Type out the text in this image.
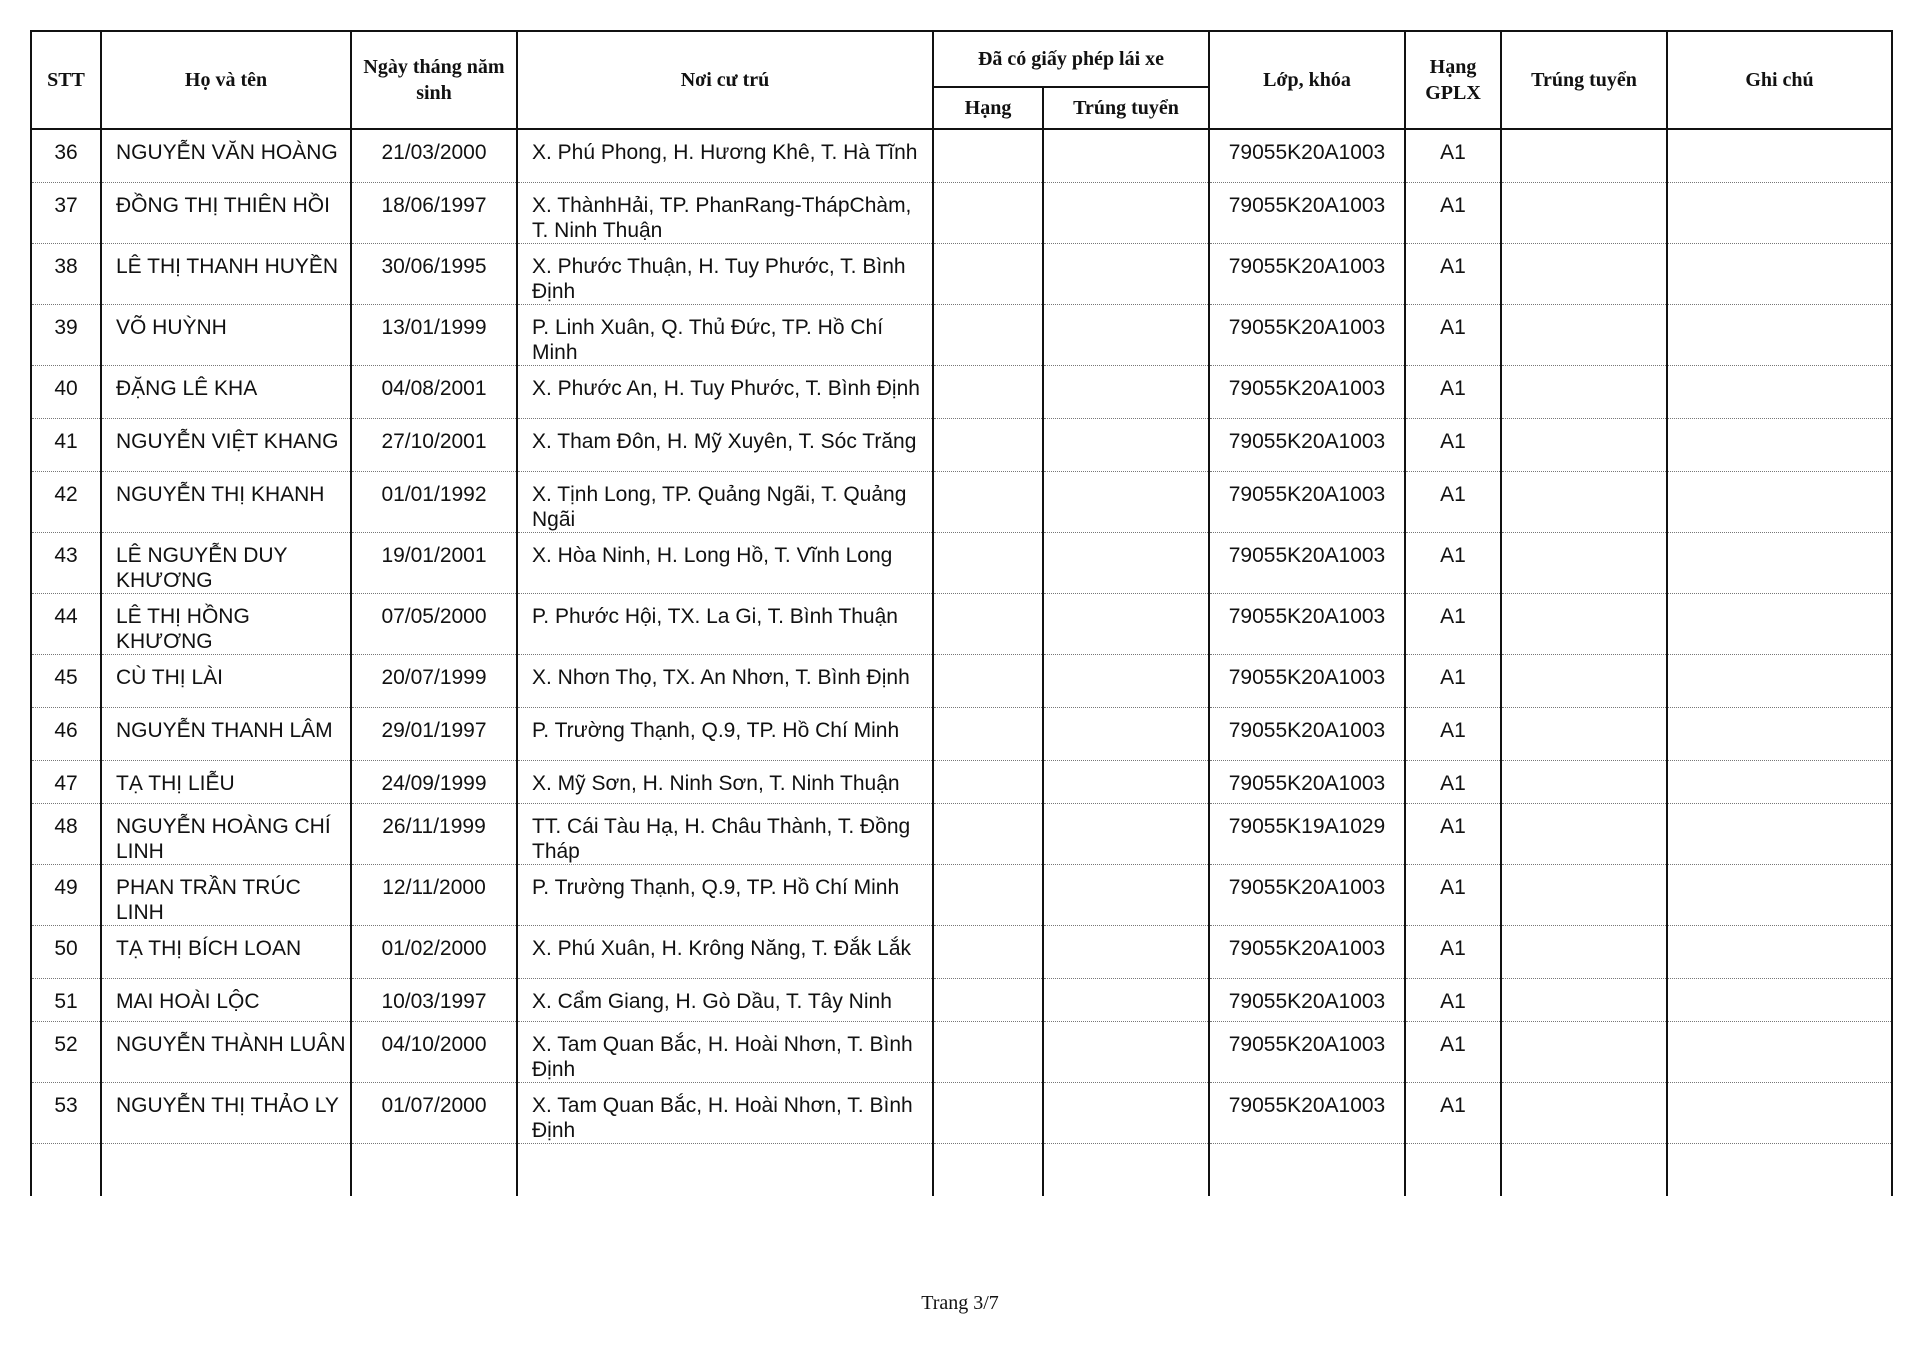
STT	Họ và tên	Ngày tháng năm sinh	Nơi cư trú	Đã có giấy phép lái xe		Lớp, khóa	Hạng GPLX	Trúng tuyển	Ghi chú
				Hạng	Trúng tuyển				
36	NGUYỄN VĂN HOÀNG	21/03/2000	X. Phú Phong, H. Hương Khê, T. Hà Tĩnh			79055K20A1003	A1		
37	ĐỒNG THỊ THIÊN HỒI	18/06/1997	X. ThànhHải, TP. PhanRang-ThápChàm, T. Ninh Thuận			79055K20A1003	A1		
38	LÊ THỊ THANH HUYỀN	30/06/1995	X. Phước Thuận, H. Tuy Phước, T. Bình Định			79055K20A1003	A1		
39	VÕ HUỲNH	13/01/1999	P. Linh Xuân, Q. Thủ Đức, TP. Hồ Chí Minh			79055K20A1003	A1		
40	ĐẶNG LÊ KHA	04/08/2001	X. Phước An, H. Tuy Phước, T. Bình Định			79055K20A1003	A1		
41	NGUYỄN VIỆT KHANG	27/10/2001	X. Tham Đôn, H. Mỹ Xuyên, T. Sóc Trăng			79055K20A1003	A1		
42	NGUYỄN THỊ KHANH	01/01/1992	X. Tịnh Long, TP. Quảng Ngãi, T. Quảng Ngãi			79055K20A1003	A1		
43	LÊ NGUYỄN DUY KHƯƠNG	19/01/2001	X. Hòa Ninh, H. Long Hồ, T. Vĩnh Long			79055K20A1003	A1		
44	LÊ THỊ HỒNG KHƯƠNG	07/05/2000	P. Phước Hội, TX. La Gi, T. Bình Thuận			79055K20A1003	A1		
45	CÙ THỊ LÀI	20/07/1999	X. Nhơn Thọ, TX. An Nhơn, T. Bình Định			79055K20A1003	A1		
46	NGUYỄN THANH LÂM	29/01/1997	P. Trường Thạnh, Q.9, TP. Hồ Chí Minh			79055K20A1003	A1		
47	TẠ THỊ LIỄU	24/09/1999	X. Mỹ Sơn, H. Ninh Sơn, T. Ninh Thuận			79055K20A1003	A1		
48	NGUYỄN HOÀNG CHÍ LINH	26/11/1999	TT. Cái Tàu Hạ, H. Châu Thành, T. Đồng Tháp			79055K19A1029	A1		
49	PHAN TRẦN TRÚC LINH	12/11/2000	P. Trường Thạnh, Q.9, TP. Hồ Chí Minh			79055K20A1003	A1		
50	TẠ THỊ BÍCH LOAN	01/02/2000	X. Phú Xuân, H. Krông Năng, T. Đắk Lắk			79055K20A1003	A1		
51	MAI HOÀI LỘC	10/03/1997	X. Cẩm Giang, H. Gò Dầu, T. Tây Ninh			79055K20A1003	A1		
52	NGUYỄN THÀNH LUÂN	04/10/2000	X. Tam Quan Bắc, H. Hoài Nhơn, T. Bình Định			79055K20A1003	A1		
53	NGUYỄN THỊ THẢO LY	01/07/2000	X. Tam Quan Bắc, H. Hoài Nhơn, T. Bình Định			79055K20A1003	A1		

Trang 3/7
